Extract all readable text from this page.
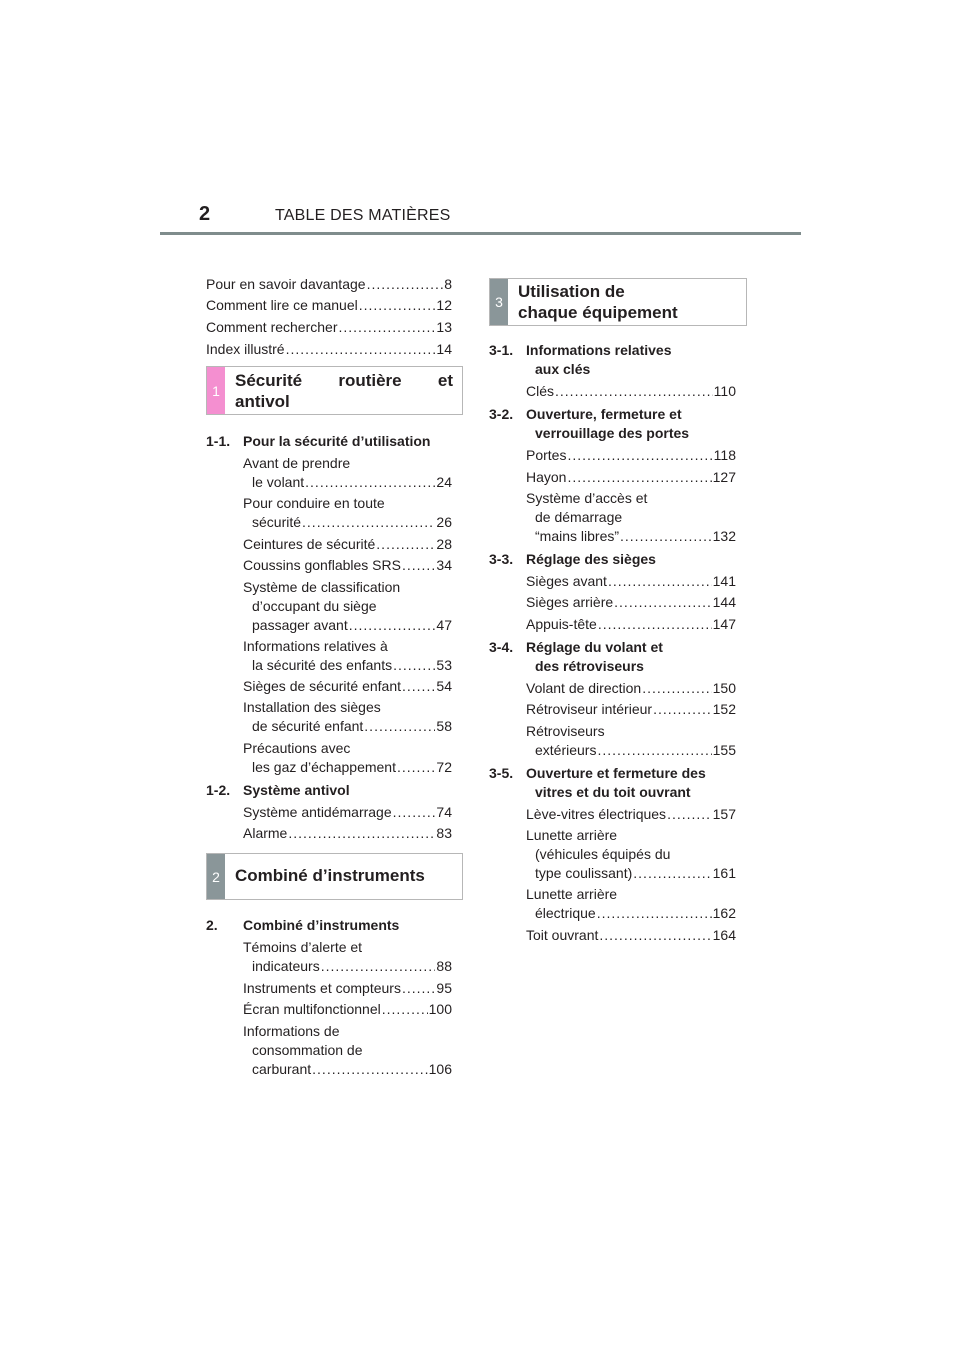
2	TABLE DES MATIÈRES
Pour en savoir davantage .....	8
Comment lire ce manuel .....	12
Comment rechercher .....	13
Index illustré .....	14
1
Sécurité routière et
antivol
1-1. Pour la sécurité d’utilisation
Avant de prendre
le volant .....	24
Pour conduire en toute
sécurité .....	26
Ceintures de sécurité .....	28
Coussins gonflables SRS .....	34
Système de classification
d’occupant du siège
passager avant .....	47
Informations relatives à
la sécurité des enfants .....	53
Sièges de sécurité enfant .....	54
Installation des sièges
de sécurité enfant .....	58
Précautions avec
les gaz d’échappement .....	72
1-2. Système antivol
Système antidémarrage .....	74
Alarme .....	83
2 Combiné d’instruments
2. Combiné d’instruments
Témoins d’alerte et
indicateurs .....	88
Instruments et compteurs .....	95
Écran multifonctionnel .....	100
Informations de
consommation de
carburant .....	106
3
Utilisation de
chaque équipement
3-1. Informations relatives
aux clés
Clés .....	110
3-2. Ouverture, fermeture et
verrouillage des portes
Portes .....	118
Hayon .....	127
Système d’accès et
de démarrage
“mains libres” .....	132
3-3. Réglage des sièges
Sièges avant .....	141
Sièges arrière .....	144
Appuis-tête .....	147
3-4. Réglage du volant et
des rétroviseurs
Volant de direction .....	150
Rétroviseur intérieur .....	152
Rétroviseurs
extérieurs .....	155
3-5. Ouverture et fermeture des
vitres et du toit ouvrant
Lève-vitres électriques .....	157
Lunette arrière
(véhicules équipés du
type coulissant) .....	161
Lunette arrière
électrique .....	162
Toit ouvrant .....	164
